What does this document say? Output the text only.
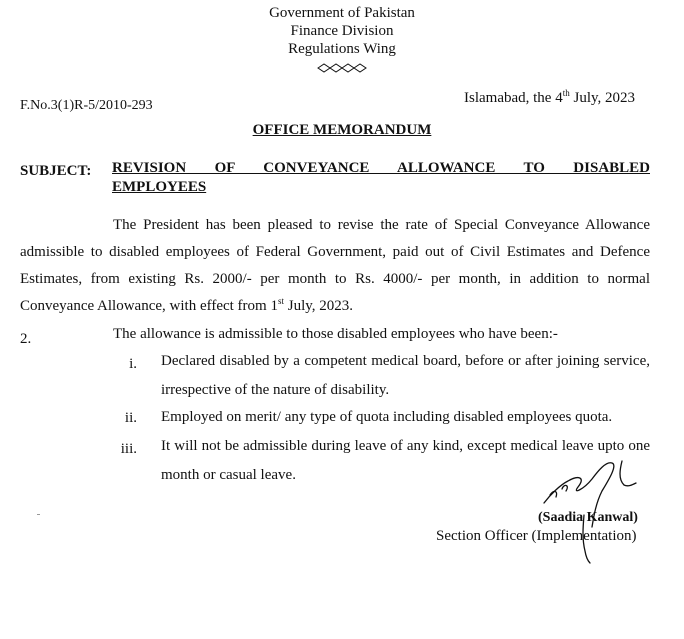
Government of Pakistan
Finance Division
Regulations Wing
F.No.3(1)R-5/2010-293	Islamabad, the 4th July, 2023
OFFICE MEMORANDUM
SUBJECT: REVISION OF CONVEYANCE ALLOWANCE TO DISABLED
EMPLOYEES
The President has been pleased to revise the rate of Special Conveyance Allowance admissible to disabled employees of Federal Government, paid out of Civil Estimates and Defence Estimates, from existing Rs. 2000/- per month to Rs. 4000/- per month, in addition to normal Conveyance Allowance, with effect from 1st July, 2023.
2.	The allowance is admissible to those disabled employees who have been:-
i. Declared disabled by a competent medical board, before or after joining service, irrespective of the nature of disability.
ii. Employed on merit/ any type of quota including disabled employees quota.
iii. It will not be admissible during leave of any kind, except medical leave upto one month or casual leave.
(Saadia Kanwal)
Section Officer (Implementation)
